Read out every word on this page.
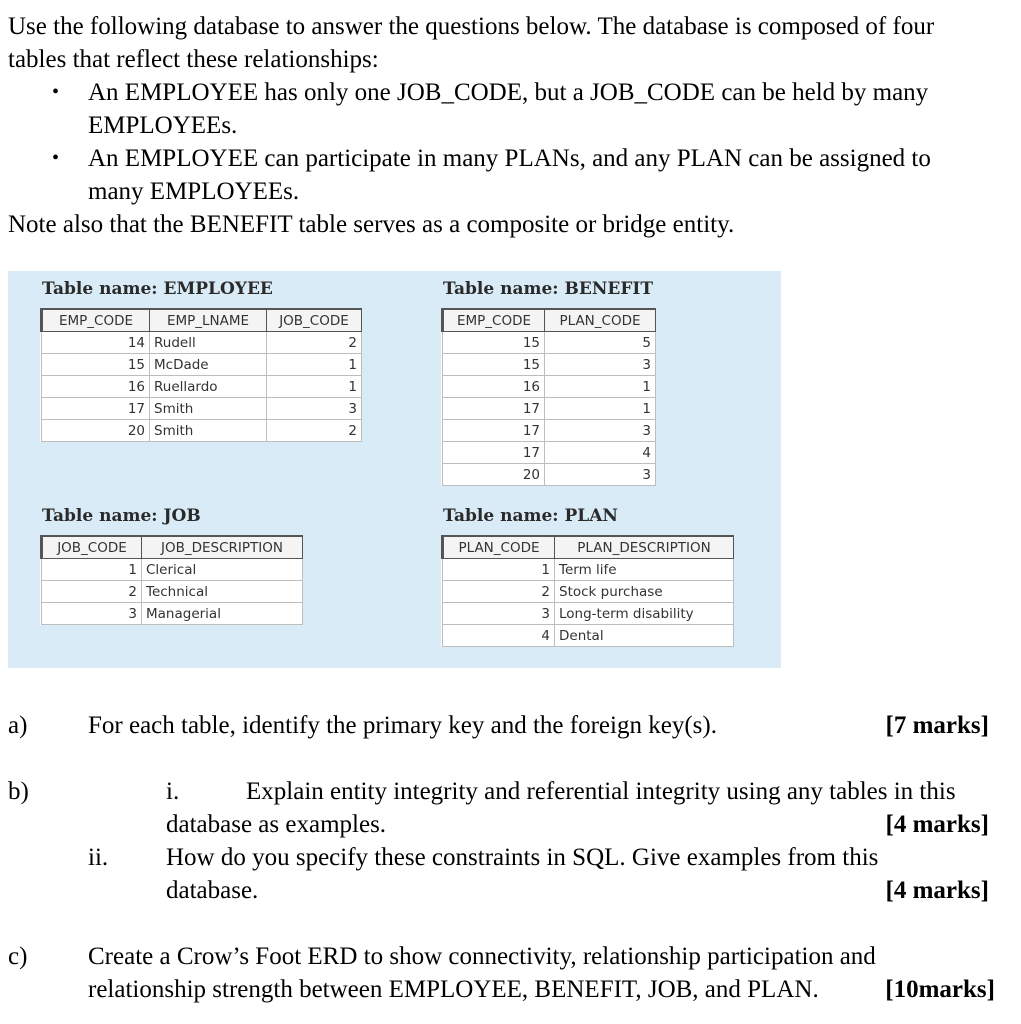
Use the following database to answer the questions below. The database is composed of four
tables that reflect these relationships:
• An EMPLOYEE has only one JOB_CODE, but a JOB_CODE can be held by many
EMPLOYEEs.
• An EMPLOYEE can participate in many PLANs, and any PLAN can be assigned to
many EMPLOYEEs.
Note also that the BENEFIT table serves as a composite or bridge entity.
Table name: EMPLOYEE
EMP_CODE	EMP_LNAME	JOB_CODE
14	Rudell	2
15	McDade	1
16	Ruellardo	1
17	Smith	3
20	Smith	2
Table name: BENEFIT
EMP_CODE	PLAN_CODE
15	5
15	3
16	1
17	1
17	3
17	4
20	3
Table name: JOB
JOB_CODE	JOB_DESCRIPTION
1	Clerical
2	Technical
3	Managerial
Table name: PLAN
PLAN_CODE	PLAN_DESCRIPTION
1	Term life
2	Stock purchase
3	Long-term disability
4	Dental
a) For each table, identify the primary key and the foreign key(s).	[7 marks]
b)	i.	Explain entity integrity and referential integrity using any tables in this
database as examples.	[4 marks]
ii. How do you specify these constraints in SQL. Give examples from this
database.	[4 marks]
c) Create a Crow’s Foot ERD to show connectivity, relationship participation and
relationship strength between EMPLOYEE, BENEFIT, JOB, and PLAN.	[10marks]
